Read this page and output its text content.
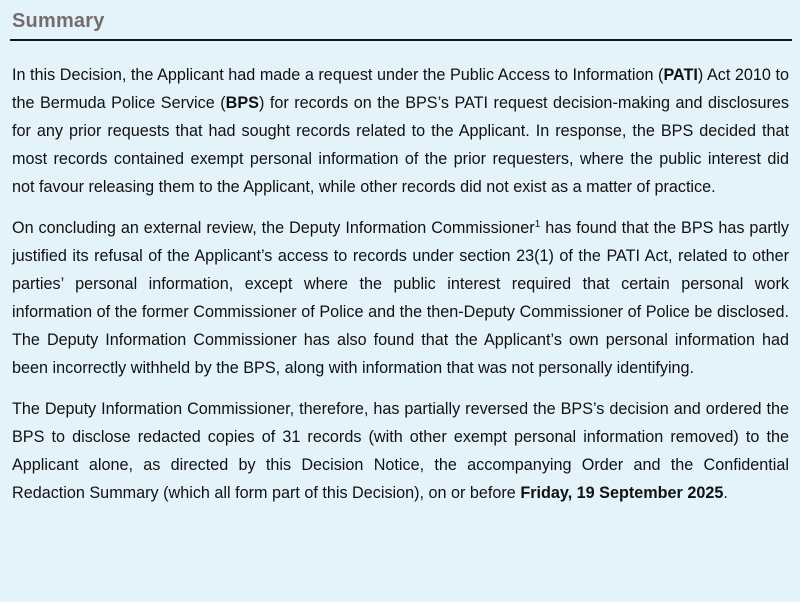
Summary

In this Decision, the Applicant had made a request under the Public Access to Information (PATI) Act 2010 to the Bermuda Police Service (BPS) for records on the BPS’s PATI request decision-making and disclosures for any prior requests that had sought records related to the Applicant. In response, the BPS decided that most records contained exempt personal information of the prior requesters, where the public interest did not favour releasing them to the Applicant, while other records did not exist as a matter of practice.

On concluding an external review, the Deputy Information Commissioner$^1$ has found that the BPS has partly justified its refusal of the Applicant’s access to records under section 23(1) of the PATI Act, related to other parties’ personal information, except where the public interest required that certain personal work information of the former Commissioner of Police and the then-Deputy Commissioner of Police be disclosed. The Deputy Information Commissioner has also found that the Applicant’s own personal information had been incorrectly withheld by the BPS, along with information that was not personally identifying.

The Deputy Information Commissioner, therefore, has partially reversed the BPS’s decision and ordered the BPS to disclose redacted copies of 31 records (with other exempt personal information removed) to the Applicant alone, as directed by this Decision Notice, the accompanying Order and the Confidential Redaction Summary (which all form part of this Decision), on or before Friday, 19 September 2025.
